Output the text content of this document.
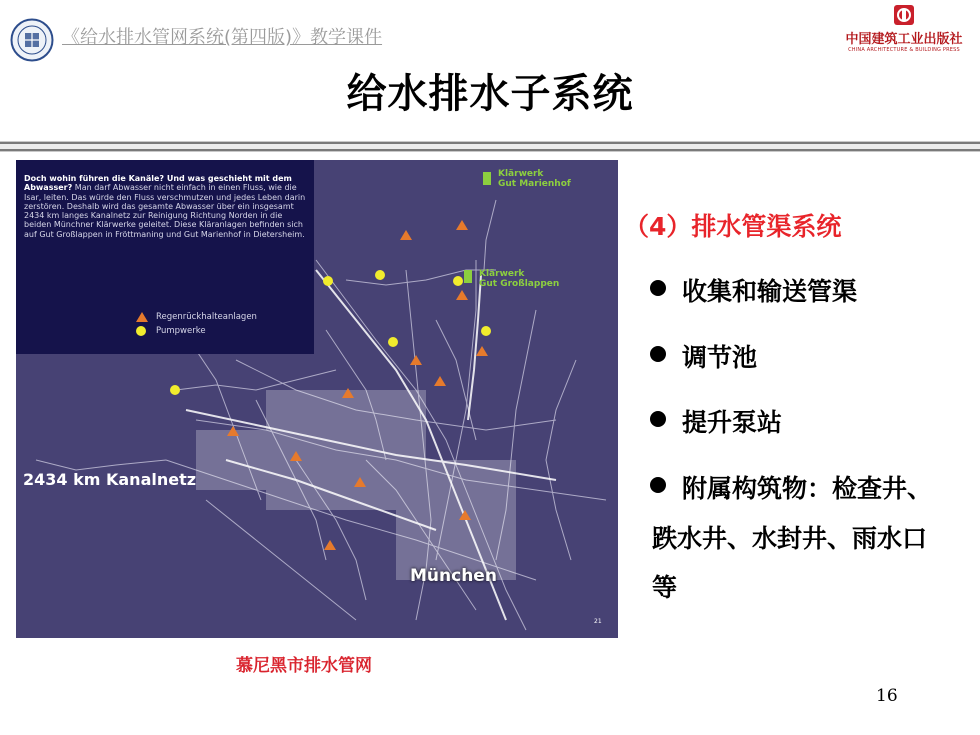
《给水排水管网系统(第四版)》教学课件	中国建筑工业出版社
CHINA ARCHITECTURE & BUILDING PRESS
给水排水子系统
Doch wohin führen die Kanäle? Und was geschieht mit dem Abwasser? Man darf Abwasser nicht einfach in einen Fluss, wie die Isar, leiten. Das würde den Fluss verschmutzen und jedes Leben darin zerstören. Deshalb wird das gesamte Abwasser über ein insgesamt 2434 km langes Kanalnetz zur Reinigung Richtung Norden in die beiden Münchner Klärwerke geleitet. Diese Kläranlagen befinden sich auf Gut Großlappen in Fröttmaning und Gut Marienhof in Dietersheim.
Regenrückhalteanlagen
Pumpwerke
Klärwerk
Gut Marienhof
Klärwerk
Gut Großlappen
2434 km Kanalnetz
München
21
慕尼黑市排水管网
（4）排水管渠系统
收集和输送管渠
调节池
提升泵站
附属构筑物：检查井、
跌水井、水封井、雨水口
等
16
